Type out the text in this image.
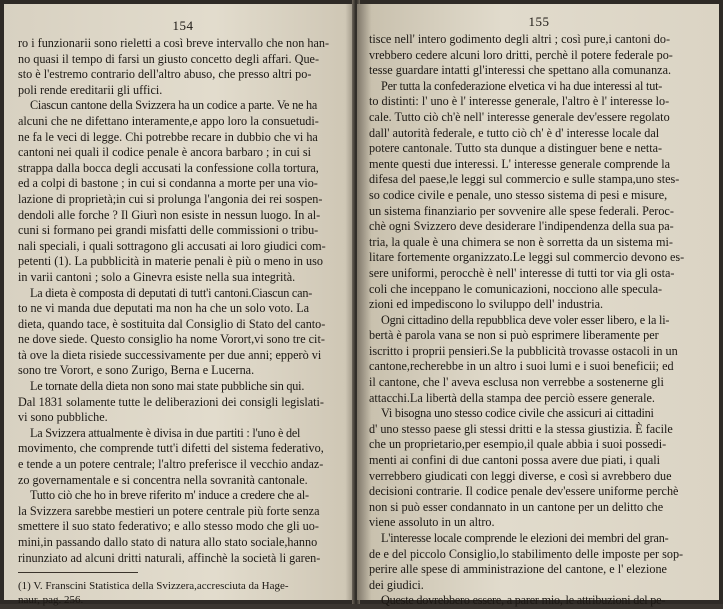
154

ro i funzionarii sono rieletti a così breve intervallo che non han-
no quasi il tempo di farsi un giusto concetto degli affari. Que-
sto è l'estremo contrario dell'altro abuso, che presso altri po-
poli rende ereditarii gli uffici.
Ciascun cantone della Svizzera ha un codice a parte. Ve ne ha
alcuni che ne difettano interamente,e appo loro la consuetudi-
ne fa le veci di legge. Chi potrebbe recare in dubbio che vi ha
cantoni nei quali il codice penale è ancora barbaro ; in cui si
strappa dalla bocca degli accusati la confessione colla tortura,
ed a colpi di bastone ; in cui si condanna a morte per una vio-
lazione di proprietà;in cui si prolunga l'angonia dei rei sospen-
dendoli alle forche ? Il Giurì non esiste in nessun luogo. In al-
cuni si formano pei grandi misfatti delle commissioni o tribu-
nali speciali, i quali sottragono gli accusati ai loro giudici com-
petenti (1). La pubblicità in materie penali è più o meno in uso
in varii cantoni ; solo a Ginevra esiste nella sua integrità.
La dieta è composta di deputati di tutt'i cantoni.Ciascun can-
to ne vi manda due deputati ma non ha che un solo voto. La
dieta, quando tace, è sostituita dal Consiglio di Stato del canto-
ne dove siede. Questo consiglio ha nome Vorort,vi sono tre cit-
tà ove la dieta risiede successivamente per due anni; epperò vi
sono tre Vorort, e sono Zurigo, Berna e Lucerna.
Le tornate della dieta non sono mai state pubbliche sin qui.
Dal 1831 solamente tutte le deliberazioni dei consigli legislati-
vi sono pubbliche.
La Svizzera attualmente è divisa in due partiti : l'uno è del
movimento, che comprende tutt'i difetti del sistema federativo,
e tende a un potere centrale; l'altro preferisce il vecchio andaz-
zo governamentale e si concentra nella sovranità cantonale.
Tutto ciò che ho in breve riferito m' induce a credere che al-
la Svizzera sarebbe mestieri un potere centrale più forte senza
smettere il suo stato federativo; e allo stesso modo che gli uo-
mini,in passando dallo stato di natura allo stato sociale,hanno
rinunziato ad alcuni dritti naturali, affinchè la società li garen-
(1) V. Franscini Statistica della Svizzera,accresciuta da Hage-
naur, pag. 256.

155

tisce nell' intero godimento degli altri ; così pure,i cantoni do-
vrebbero cedere alcuni loro dritti, perchè il potere federale po-
tesse guardare intatti gl'interessi che spettano alla comunanza.
Per tutta la confederazione elvetica vi ha due interessi al tut-
to distinti: l' uno è l' interesse generale, l'altro è l' interesse lo-
cale. Tutto ciò ch'è nell' interesse generale dev'essere regolato
dall' autorità federale, e tutto ciò ch' è d' interesse locale dal
potere cantonale. Tutto sta dunque a distinguer bene e netta-
mente questi due interessi. L' interesse generale comprende la
difesa del paese,le leggi sul commercio e sulle stampa,uno stes-
so codice civile e penale, uno stesso sistema di pesi e misure,
un sistema finanziario per sovvenire alle spese federali. Peroc-
chè ogni Svizzero deve desiderare l'indipendenza della sua pa-
tria, la quale è una chimera se non è sorretta da un sistema mi-
litare fortemente organizzato.Le leggi sul commercio devono es-
sere uniformi, perocchè è nell' interesse di tutti tor via gli osta-
coli che inceppano le comunicazioni, nocciono alle specula-
zioni ed impediscono lo sviluppo dell' industria.
Ogni cittadino della repubblica deve voler esser libero, e la li-
bertà è parola vana se non si può esprimere liberamente per
iscritto i proprii pensieri.Se la pubblicità trovasse ostacoli in un
cantone,recherebbe in un altro i suoi lumi e i suoi beneficii; ed
il cantone, che l' aveva esclusa non verrebbe a sostenerne gli
attacchi.La libertà della stampa dee perciò essere generale.
Vi bisogna uno stesso codice civile che assicuri ai cittadini
d' uno stesso paese gli stessi dritti e la stessa giustizia. È facile
che un proprietario,per esempio,il quale abbia i suoi possedi-
menti ai confini di due cantoni possa avere due piati, i quali
verrebbero giudicati con leggi diverse, e così si avrebbero due
decisioni contrarie. Il codice penale dev'essere uniforme perchè
non si può esser condannato in un cantone per un delitto che
viene assoluto in un altro.
L'interesse locale comprende le elezioni dei membri del gran-
de e del piccolo Consiglio,lo stabilimento delle imposte per sop-
perire alle spese di amministrazione del cantone, e l' elezione
dei giudici.
Queste dovrebbero essere, a parer mio, le attribuzioni del pe-
